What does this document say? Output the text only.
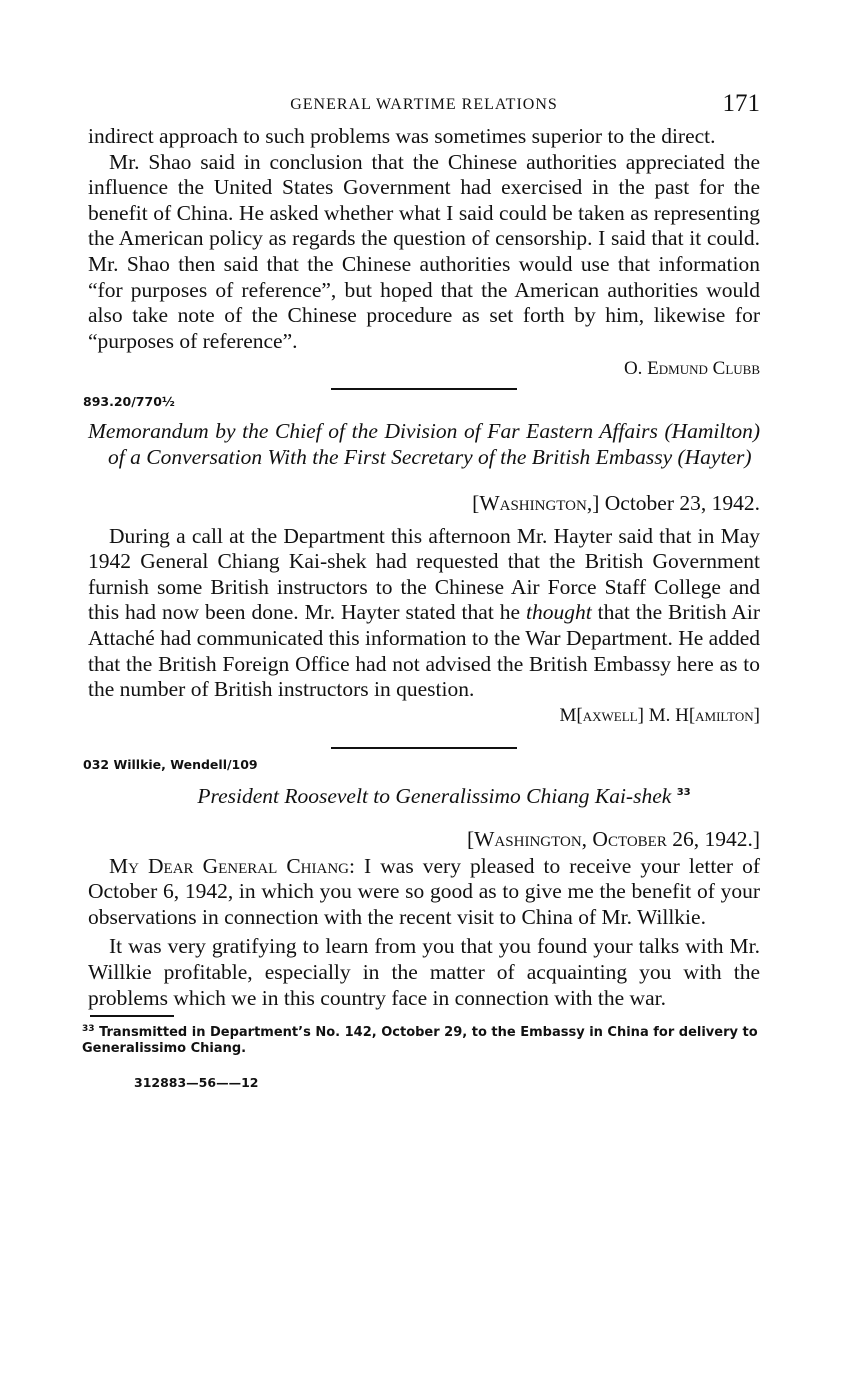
GENERAL WARTIME RELATIONS	171

indirect approach to such problems was sometimes superior to the direct.

Mr. Shao said in conclusion that the Chinese authorities appreciated the influence the United States Government had exercised in the past for the benefit of China. He asked whether what I said could be taken as representing the American policy as regards the question of censorship. I said that it could. Mr. Shao then said that the Chinese authorities would use that information “for purposes of reference”, but hoped that the American authorities would also take note of the Chinese procedure as set forth by him, likewise for “purposes of reference”.

O. Edmund Clubb
893.20/770½
Memorandum by the Chief of the Division of Far Eastern Affairs (Hamilton) of a Conversation With the First Secretary of the British Embassy (Hayter)
[Washington,] October 23, 1942.

During a call at the Department this afternoon Mr. Hayter said that in May 1942 General Chiang Kai-shek had requested that the British Government furnish some British instructors to the Chinese Air Force Staff College and this had now been done. Mr. Hayter stated that he thought that the British Air Attaché had communicated this information to the War Department. He added that the British Foreign Office had not advised the British Embassy here as to the number of British instructors in question.

M[axwell] M. H[amilton]
032 Willkie, Wendell/109
President Roosevelt to Generalissimo Chiang Kai-shek $^{33}$
[Washington, October 26, 1942.]

My Dear General Chiang: I was very pleased to receive your letter of October 6, 1942, in which you were so good as to give me the benefit of your observations in connection with the recent visit to China of Mr. Willkie.

It was very gratifying to learn from you that you found your talks with Mr. Willkie profitable, especially in the matter of acquainting you with the problems which we in this country face in connection with the war.

$^{33}$ Transmitted in Department’s No. 142, October 29, to the Embassy in China for delivery to Generalissimo Chiang.
312883—56——12
